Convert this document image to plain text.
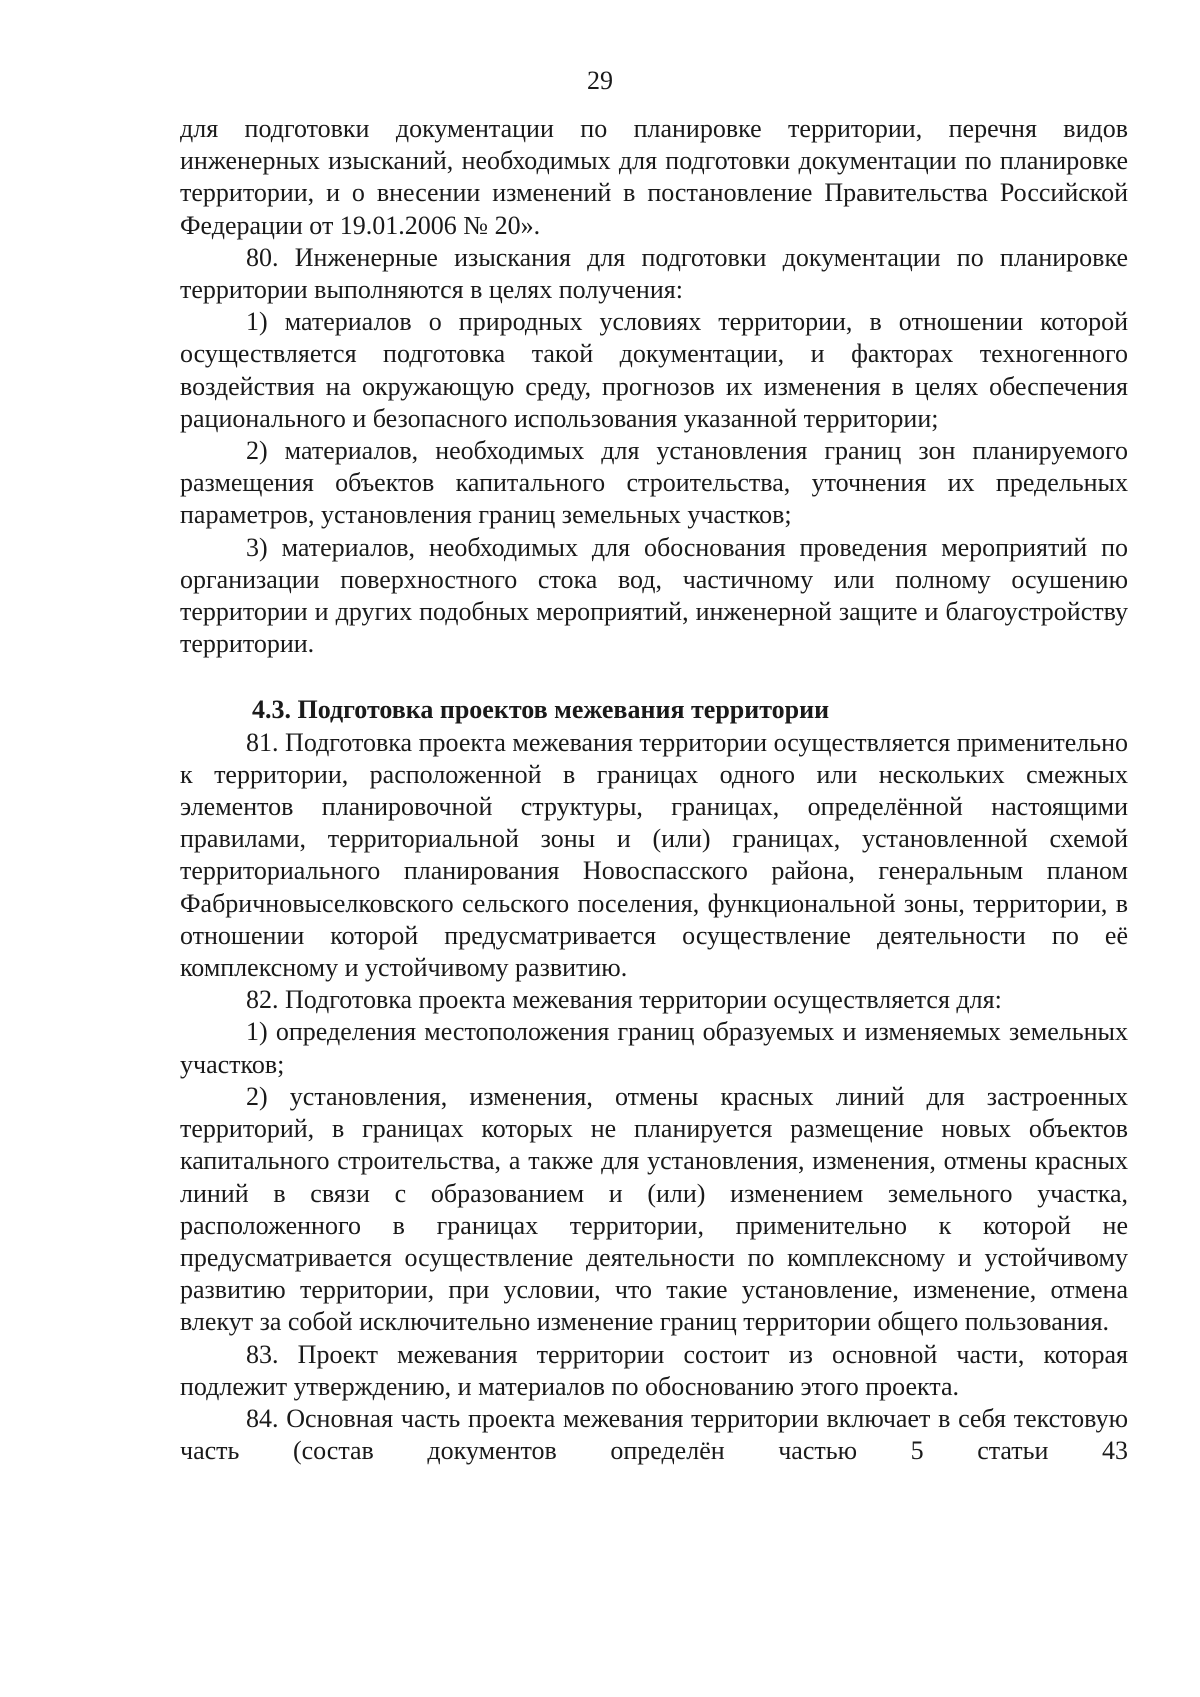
29

для подготовки документации по планировке территории, перечня видов инженерных изысканий, необходимых для подготовки документации по планировке территории, и о внесении изменений в постановление Правительства Российской Федерации от 19.01.2006 № 20».

80. Инженерные изыскания для подготовки документации по планировке территории выполняются в целях получения:

1) материалов о природных условиях территории, в отношении которой осуществляется подготовка такой документации, и факторах техногенного воздействия на окружающую среду, прогнозов их изменения в целях обеспечения рационального и безопасного использования указанной территории;

2) материалов, необходимых для установления границ зон планируемого размещения объектов капитального строительства, уточнения их предельных параметров, установления границ земельных участков;

3) материалов, необходимых для обоснования проведения мероприятий по организации поверхностного стока вод, частичному или полному осушению территории и других подобных мероприятий, инженерной защите и благоустройству территории.

4.3. Подготовка проектов межевания территории

81. Подготовка проекта межевания территории осуществляется применительно к территории, расположенной в границах одного или нескольких смежных элементов планировочной структуры, границах, определённой настоящими правилами, территориальной зоны и (или) границах, установленной схемой территориального планирования Новоспасского района, генеральным планом Фабричновыселковского сельского поселения, функциональной зоны, территории, в отношении которой предусматривается осуществление деятельности по её комплексному и устойчивому развитию.

82. Подготовка проекта межевания территории осуществляется для:

1) определения местоположения границ образуемых и изменяемых земельных участков;

2) установления, изменения, отмены красных линий для застроенных территорий, в границах которых не планируется размещение новых объектов капитального строительства, а также для установления, изменения, отмены красных линий в связи с образованием и (или) изменением земельного участка, расположенного в границах территории, применительно к которой не предусматривается осуществление деятельности по комплексному и устойчивому развитию территории, при условии, что такие установление, изменение, отмена влекут за собой исключительно изменение границ территории общего пользования.

83. Проект межевания территории состоит из основной части, которая подлежит утверждению, и материалов по обоснованию этого проекта.

84. Основная часть проекта межевания территории включает в себя текстовую часть (состав документов определён частью 5 статьи 43
